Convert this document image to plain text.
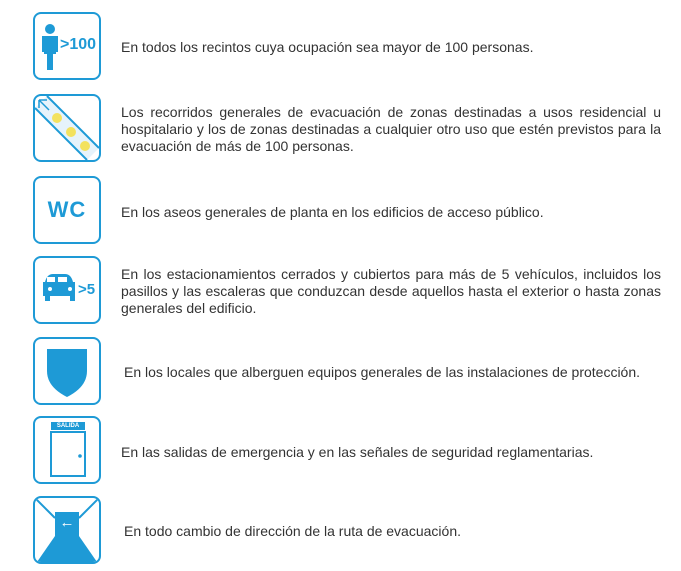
>100 En todos los recintos cuya ocupación sea mayor de 100 personas.
Los recorridos generales de evacuación de zonas destinadas a usos residencial u hospitalario y los de zonas destinadas a cualquier otro uso que estén previstos para la evacuación de más de 100 personas.
WC	En los aseos generales de planta en los edificios de acceso público.
>5
En los estacionamientos cerrados y cubiertos para más de 5 vehículos, incluidos los pasillos y las escaleras que conduzcan desde aquellos hasta el exterior o hasta zonas generales del edificio.
En los locales que alberguen equipos generales de las instalaciones de protección.
SALIDA
En las salidas de emergencia y en las señales de seguridad reglamentarias.
←	En todo cambio de dirección de la ruta de evacuación.
